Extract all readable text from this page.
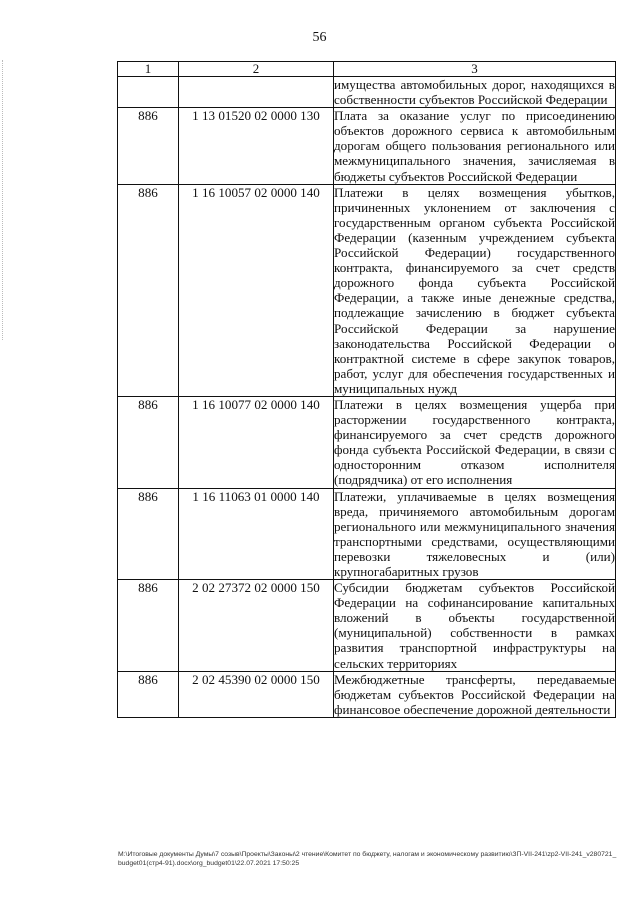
56
1	2	3
		имущества автомобильных дорог, находящихся в собственности субъектов Российской Федерации
886	1 13 01520 02 0000 130	Плата за оказание услуг по присоединению объектов дорожного сервиса к автомобильным дорогам общего пользования регионального или межмуниципального значения, зачисляемая в бюджеты субъектов Российской Федерации
886	1 16 10057 02 0000 140	Платежи в целях возмещения убытков, причиненных уклонением от заключения с государственным органом субъекта Российской Федерации (казенным учреждением субъекта Российской Федерации) государственного контракта, финансируемого за счет средств дорожного фонда субъекта Российской Федерации, а также иные денежные средства, подлежащие зачислению в бюджет субъекта Российской Федерации за нарушение законодательства Российской Федерации о контрактной системе в сфере закупок товаров, работ, услуг для обеспечения государственных и муниципальных нужд
886	1 16 10077 02 0000 140	Платежи в целях возмещения ущерба при расторжении государственного контракта, финансируемого за счет средств дорожного фонда субъекта Российской Федерации, в связи с односторонним отказом исполнителя (подрядчика) от его исполнения
886	1 16 11063 01 0000 140	Платежи, уплачиваемые в целях возмещения вреда, причиняемого автомобильным дорогам регионального или межмуниципального значения транспортными средствами, осуществляющими перевозки тяжеловесных и (или) крупногабаритных грузов
886	2 02 27372 02 0000 150	Субсидии бюджетам субъектов Российской Федерации на софинансирование капитальных вложений в объекты государственной (муниципальной) собственности в рамках развития транспортной инфраструктуры на сельских территориях
886	2 02 45390 02 0000 150	Межбюджетные трансферты, передаваемые бюджетам субъектов Российской Федерации на финансовое обеспечение дорожной деятельности
M:\Итоговые документы Думы\7 созыв\Проекты\Законы\2 чтение\Комитет по бюджету, налогам и экономическому развитию\ЗП-VII-241\zp2-VII-241_v280721_budget01(стр4-91).docx\org_budget01\22.07.2021 17:50:25
